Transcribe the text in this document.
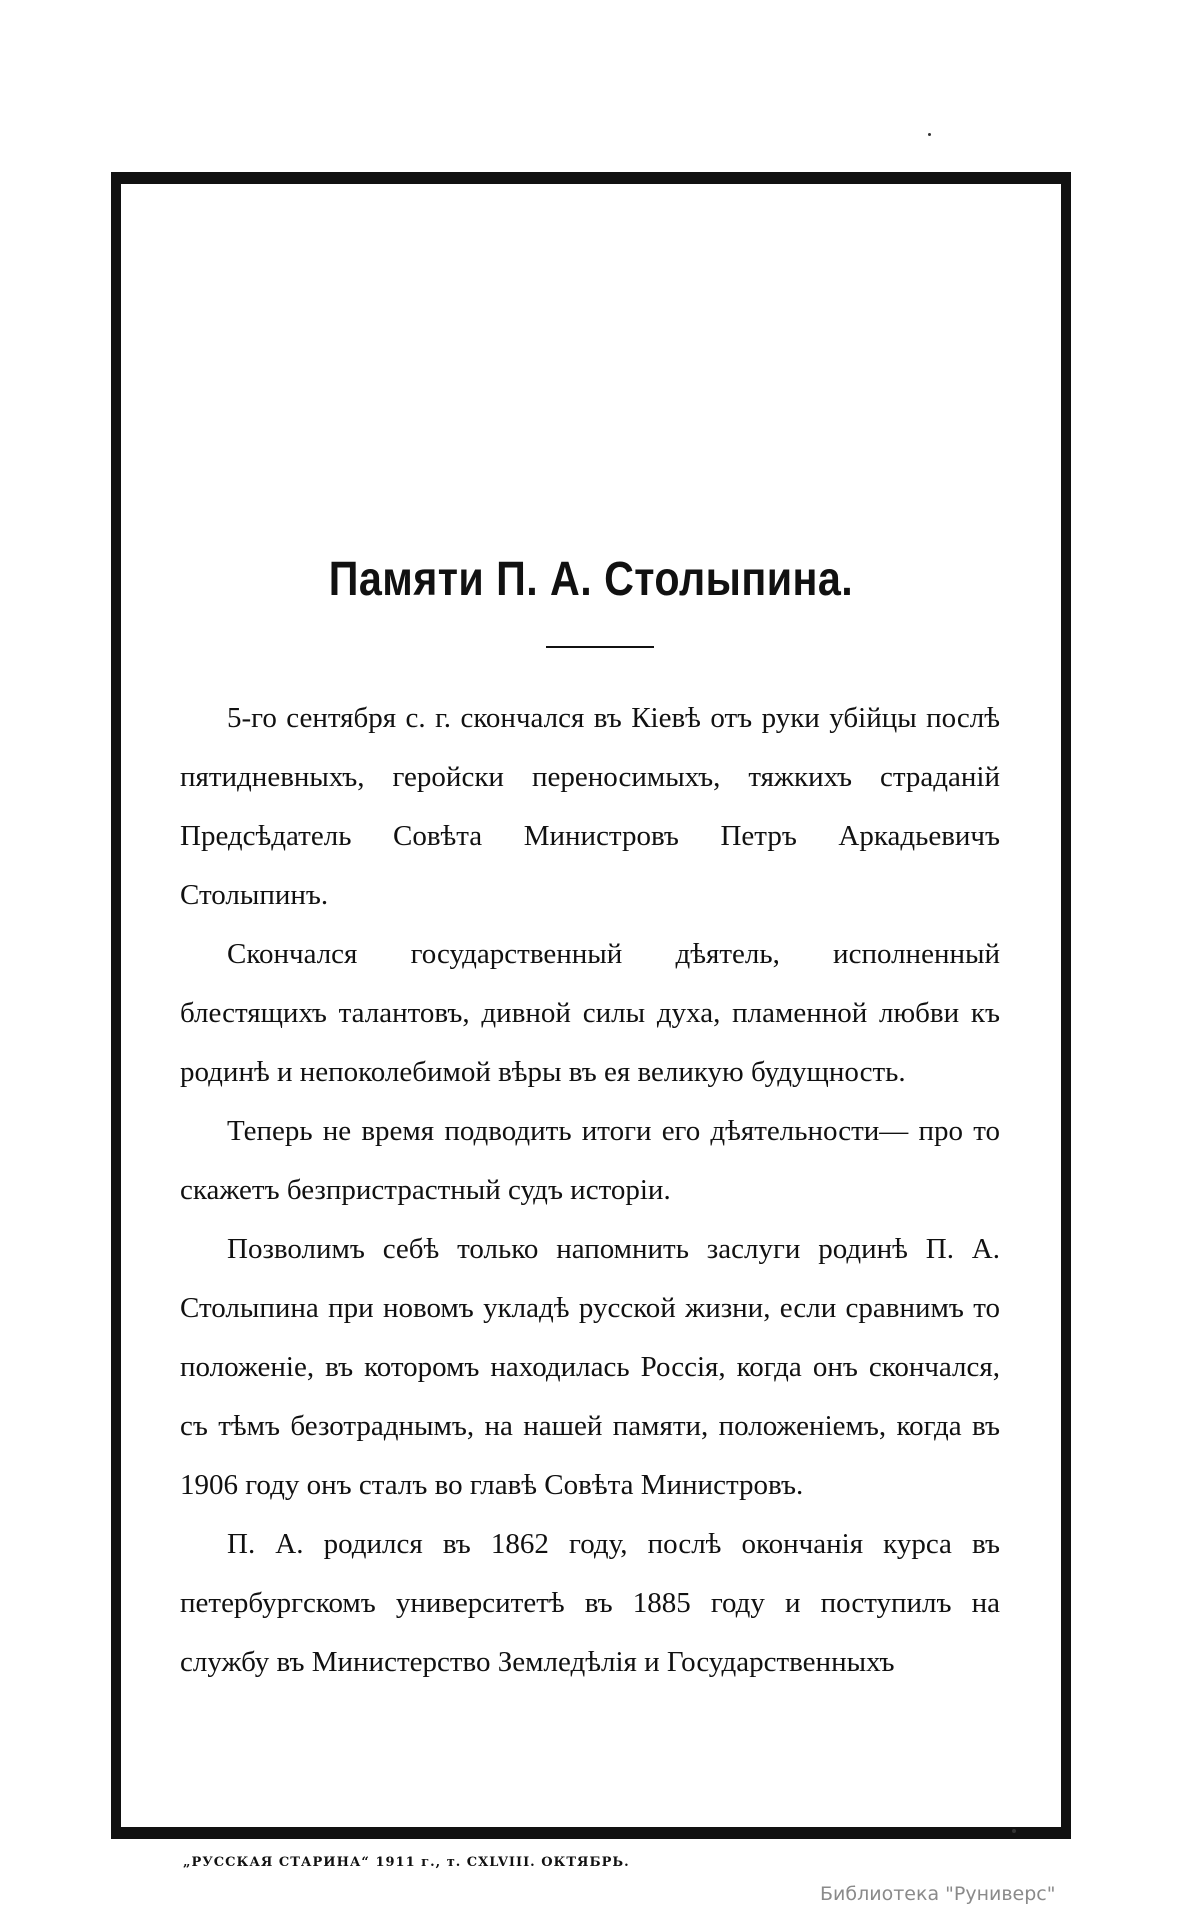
Памяти П. А. Столыпина.

5-го сентября с. г. скончался въ Кіевѣ отъ руки убійцы послѣ пятидневныхъ, геройски переносимыхъ, тяжкихъ страданій Предсѣдатель Совѣта Министровъ Петръ Аркадьевичъ Столыпинъ.

Скончался государственный дѣятель, исполненный блестящихъ талантовъ, дивной силы духа, пламенной любви къ родинѣ и непоколебимой вѣры въ ея великую будущность.

Теперь не время подводить итоги его дѣятельности— про то скажетъ безпристрастный судъ исторіи.

Позволимъ себѣ только напомнить заслуги родинѣ П. А. Столыпина при новомъ укладѣ русской жизни, если сравнимъ то положеніе, въ которомъ находилась Россія, когда онъ скончался, съ тѣмъ безотраднымъ, на нашей памяти, положеніемъ, когда въ 1906 году онъ сталъ во главѣ Совѣта Министровъ.

П. А. родился въ 1862 году, послѣ окончанія курса въ петербургскомъ университетѣ въ 1885 году и поступилъ на службу въ Министерство Земледѣлія и Государственныхъ

„РУССКАЯ СТАРИНА“ 1911 г., т. CXLVIII. ОКТЯБРЬ.
Библиотека "Руниверс"
